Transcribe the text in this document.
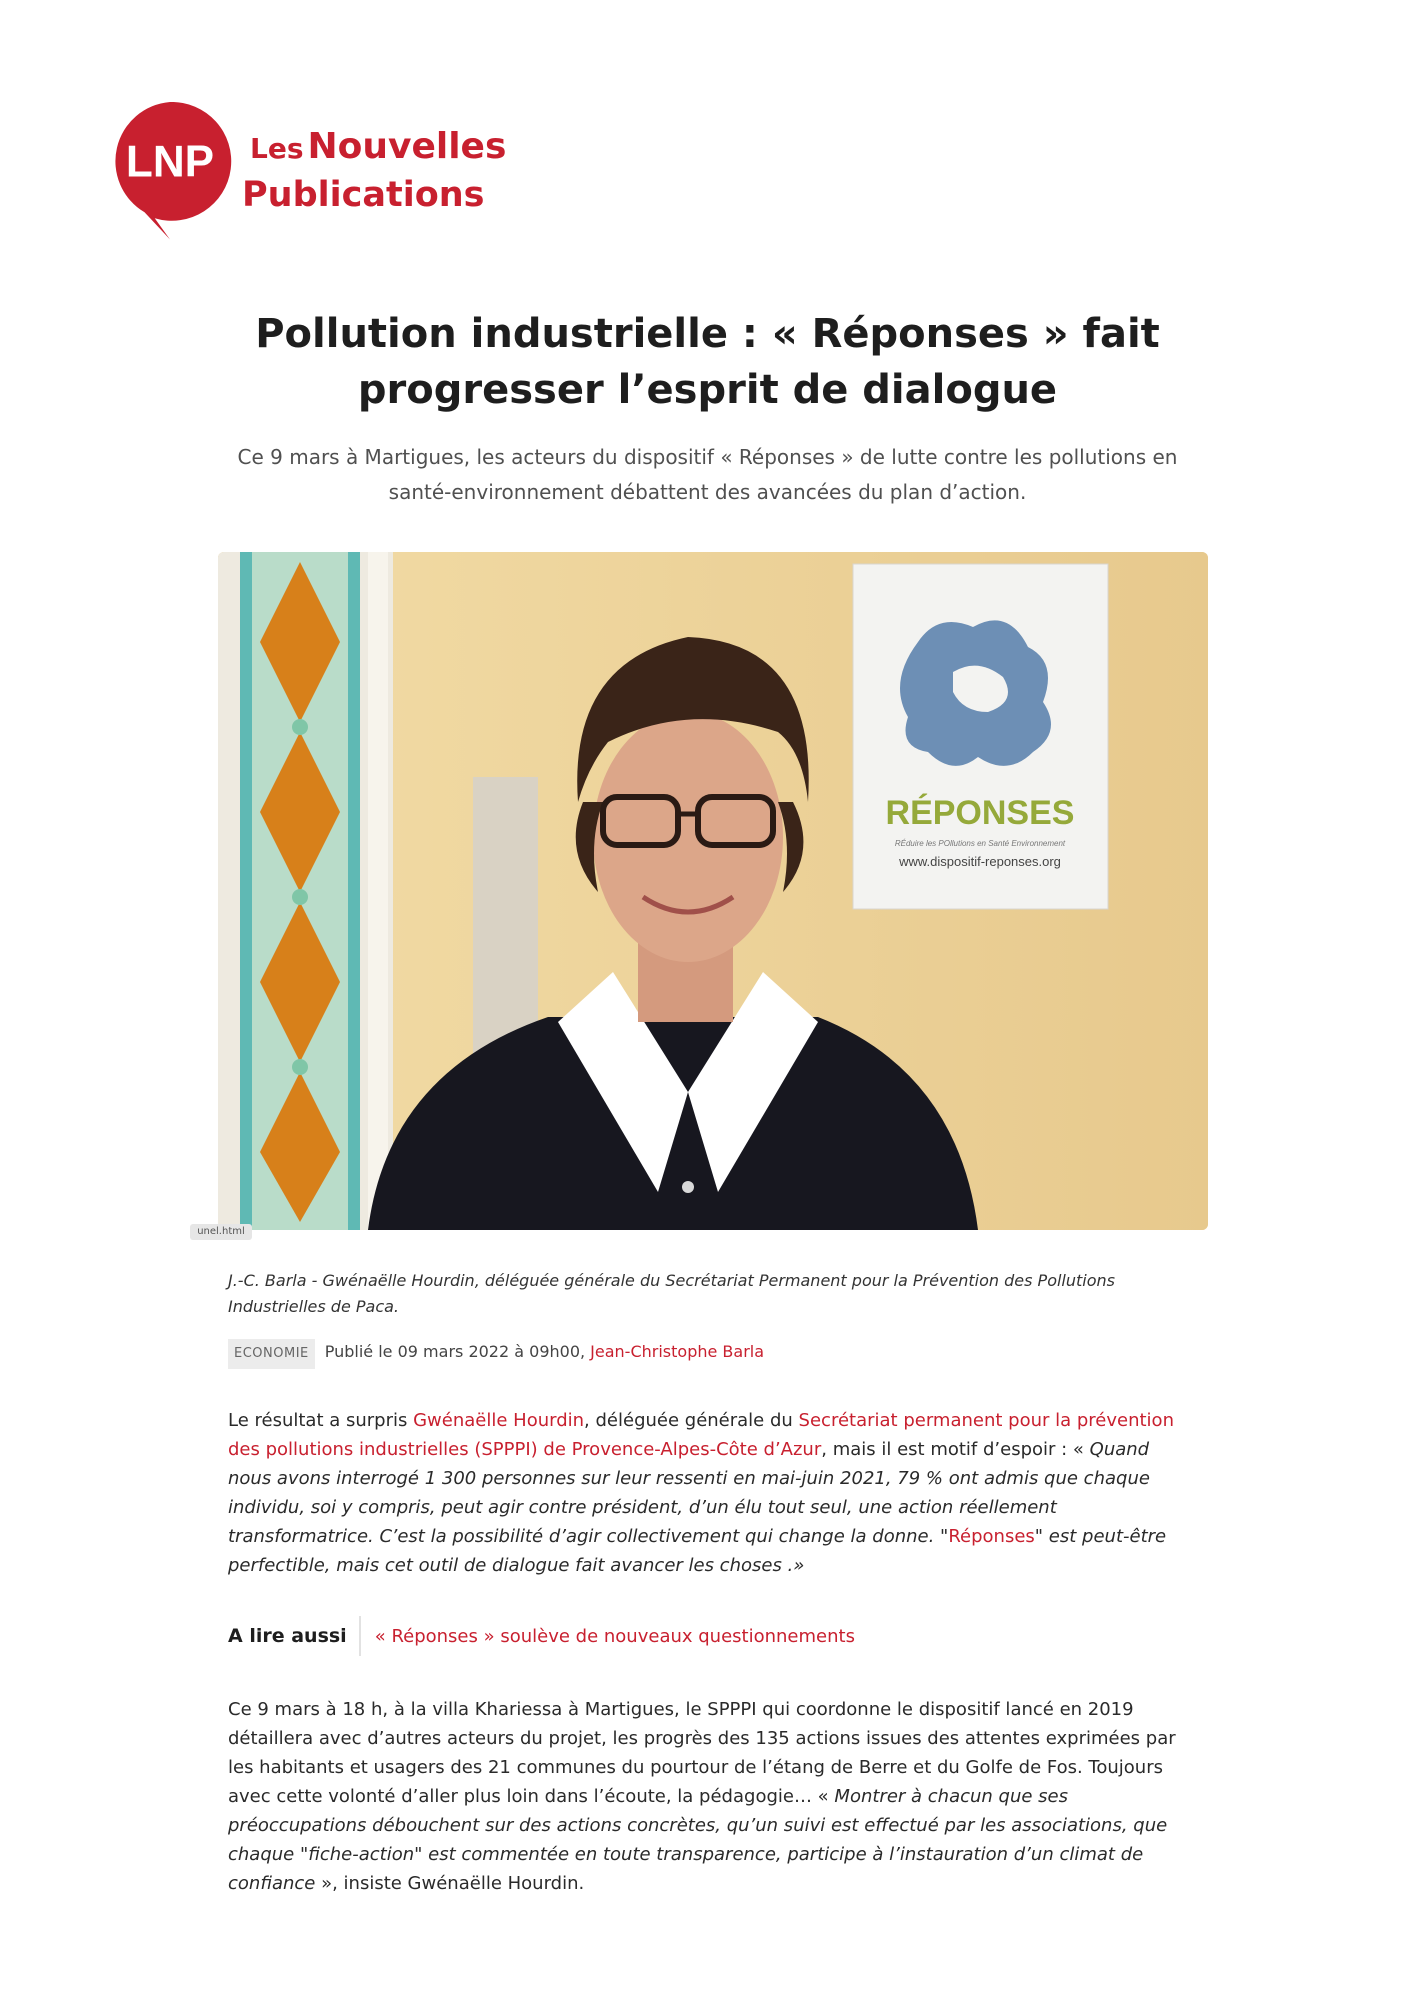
LNP Les Nouvelles
Publications
Pollution industrielle : « Réponses » fait progresser l’esprit de dialogue

Ce 9 mars à Martigues, les acteurs du dispositif « Réponses » de lutte contre les pollutions en santé-environnement débattent des avancées du plan d’action.

RÉPONSES
RÉduire les POllutions en Santé Environnement
www.dispositif-reponses.org
unel.html

J.-C. Barla - Gwénaëlle Hourdin, déléguée générale du Secrétariat Permanent pour la Prévention des Pollutions Industrielles de Paca.

ECONOMIE Publié le 09 mars 2022 à 09h00, Jean-Christophe Barla

Le résultat a surpris Gwénaëlle Hourdin, déléguée générale du Secrétariat permanent pour la prévention des pollutions industrielles (SPPPI) de Provence-Alpes-Côte d’Azur, mais il est motif d’espoir : « Quand nous avons interrogé 1 300 personnes sur leur ressenti en mai-juin 2021, 79 % ont admis que chaque individu, soi y compris, peut agir contre président, d’un élu tout seul, une action réellement transformatrice. C’est la possibilité d’agir collectivement qui change la donne. "Réponses" est peut-être perfectible, mais cet outil de dialogue fait avancer les choses .»

A lire aussi « Réponses » soulève de nouveaux questionnements

Ce 9 mars à 18 h, à la villa Khariessa à Martigues, le SPPPI qui coordonne le dispositif lancé en 2019 détaillera avec d’autres acteurs du projet, les progrès des 135 actions issues des attentes exprimées par les habitants et usagers des 21 communes du pourtour de l’étang de Berre et du Golfe de Fos. Toujours avec cette volonté d’aller plus loin dans l’écoute, la pédagogie… « Montrer à chacun que ses préoccupations débouchent sur des actions concrètes, qu’un suivi est effectué par les associations, que chaque "fiche-action" est commentée en toute transparence, participe à l’instauration d’un climat de confiance », insiste Gwénaëlle Hourdin.
